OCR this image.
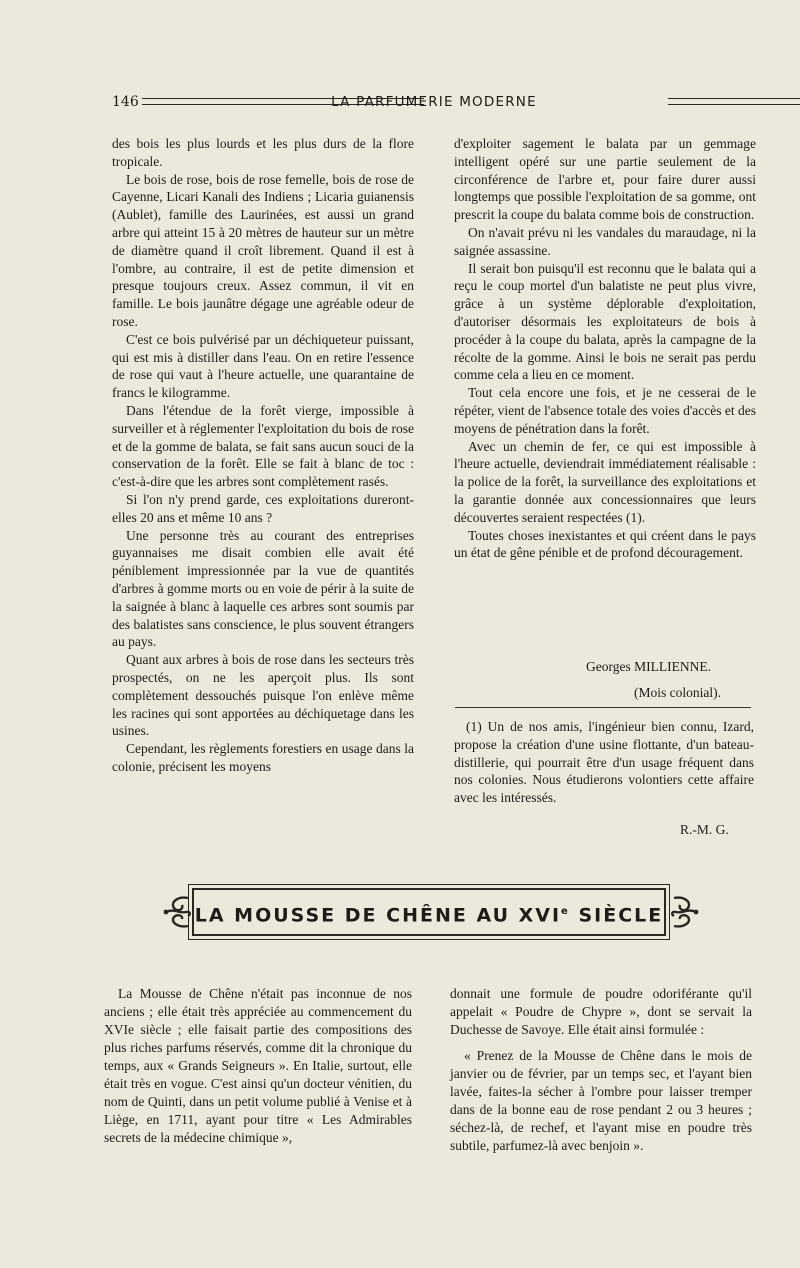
146	LA PARFUMERIE MODERNE

des bois les plus lourds et les plus durs de la flore tropicale.

Le bois de rose, bois de rose femelle, bois de rose de Cayenne, Licari Kanali des Indiens ; Licaria guianensis (Aublet), famille des Laurinées, est aussi un grand arbre qui atteint 15 à 20 mètres de hauteur sur un mètre de diamètre quand il croît librement. Quand il est à l'ombre, au contraire, il est de petite dimension et presque toujours creux. Assez commun, il vit en famille. Le bois jaunâtre dégage une agréable odeur de rose.

C'est ce bois pulvérisé par un déchiqueteur puissant, qui est mis à distiller dans l'eau. On en retire l'essence de rose qui vaut à l'heure actuelle, une quarantaine de francs le kilogramme.

Dans l'étendue de la forêt vierge, impossible à surveiller et à réglementer l'exploitation du bois de rose et de la gomme de balata, se fait sans aucun souci de la conservation de la forêt. Elle se fait à blanc de toc : c'est-à-dire que les arbres sont complètement rasés.

Si l'on n'y prend garde, ces exploitations dureront-elles 20 ans et même 10 ans ?

Une personne très au courant des entreprises guyannaises me disait combien elle avait été péniblement impressionnée par la vue de quantités d'arbres à gomme morts ou en voie de périr à la suite de la saignée à blanc à laquelle ces arbres sont soumis par des balatistes sans conscience, le plus souvent étrangers au pays.

Quant aux arbres à bois de rose dans les secteurs très prospectés, on ne les aperçoit plus. Ils sont complètement dessouchés puisque l'on enlève même les racines qui sont apportées au déchiquetage dans les usines.

Cependant, les règlements forestiers en usage dans la colonie, précisent les moyens

d'exploiter sagement le balata par un gemmage intelligent opéré sur une partie seulement de la circonférence de l'arbre et, pour faire durer aussi longtemps que possible l'exploitation de sa gomme, ont prescrit la coupe du balata comme bois de construction.

On n'avait prévu ni les vandales du maraudage, ni la saignée assassine.

Il serait bon puisqu'il est reconnu que le balata qui a reçu le coup mortel d'un balatiste ne peut plus vivre, grâce à un système déplorable d'exploitation, d'autoriser désormais les exploitateurs de bois à procéder à la coupe du balata, après la campagne de la récolte de la gomme. Ainsi le bois ne serait pas perdu comme cela a lieu en ce moment.

Tout cela encore une fois, et je ne cesserai de le répéter, vient de l'absence totale des voies d'accès et des moyens de pénétration dans la forêt.

Avec un chemin de fer, ce qui est impossible à l'heure actuelle, deviendrait immédiatement réalisable : la police de la forêt, la surveillance des exploitations et la garantie donnée aux concessionnaires que leurs découvertes seraient respectées (1).

Toutes choses inexistantes et qui créent dans le pays un état de gêne pénible et de profond découragement.

Georges MILLIENNE.
(Mois colonial).

(1) Un de nos amis, l'ingénieur bien connu, Izard, propose la création d'une usine flottante, d'un bateau-distillerie, qui pourrait être d'un usage fréquent dans nos colonies. Nous étudierons volontiers cette affaire avec les intéressés.

R.-M. G.
LA MOUSSE DE CHÊNE AU XVIe SIÈCLE

La Mousse de Chêne n'était pas inconnue de nos anciens ; elle était très appréciée au commencement du XVIe siècle ; elle faisait partie des compositions des plus riches parfums réservés, comme dit la chronique du temps, aux « Grands Seigneurs ». En Italie, surtout, elle était très en vogue. C'est ainsi qu'un docteur vénitien, du nom de Quinti, dans un petit volume publié à Venise et à Liège, en 1711, ayant pour titre « Les Admirables secrets de la médecine chimique »,

donnait une formule de poudre odoriférante qu'il appelait « Poudre de Chypre », dont se servait la Duchesse de Savoye. Elle était ainsi formulée :

« Prenez de la Mousse de Chêne dans le mois de janvier ou de février, par un temps sec, et l'ayant bien lavée, faites-la sécher à l'ombre pour laisser tremper dans de la bonne eau de rose pendant 2 ou 3 heures ; séchez-là, de rechef, et l'ayant mise en poudre très subtile, parfumez-là avec benjoin ».
